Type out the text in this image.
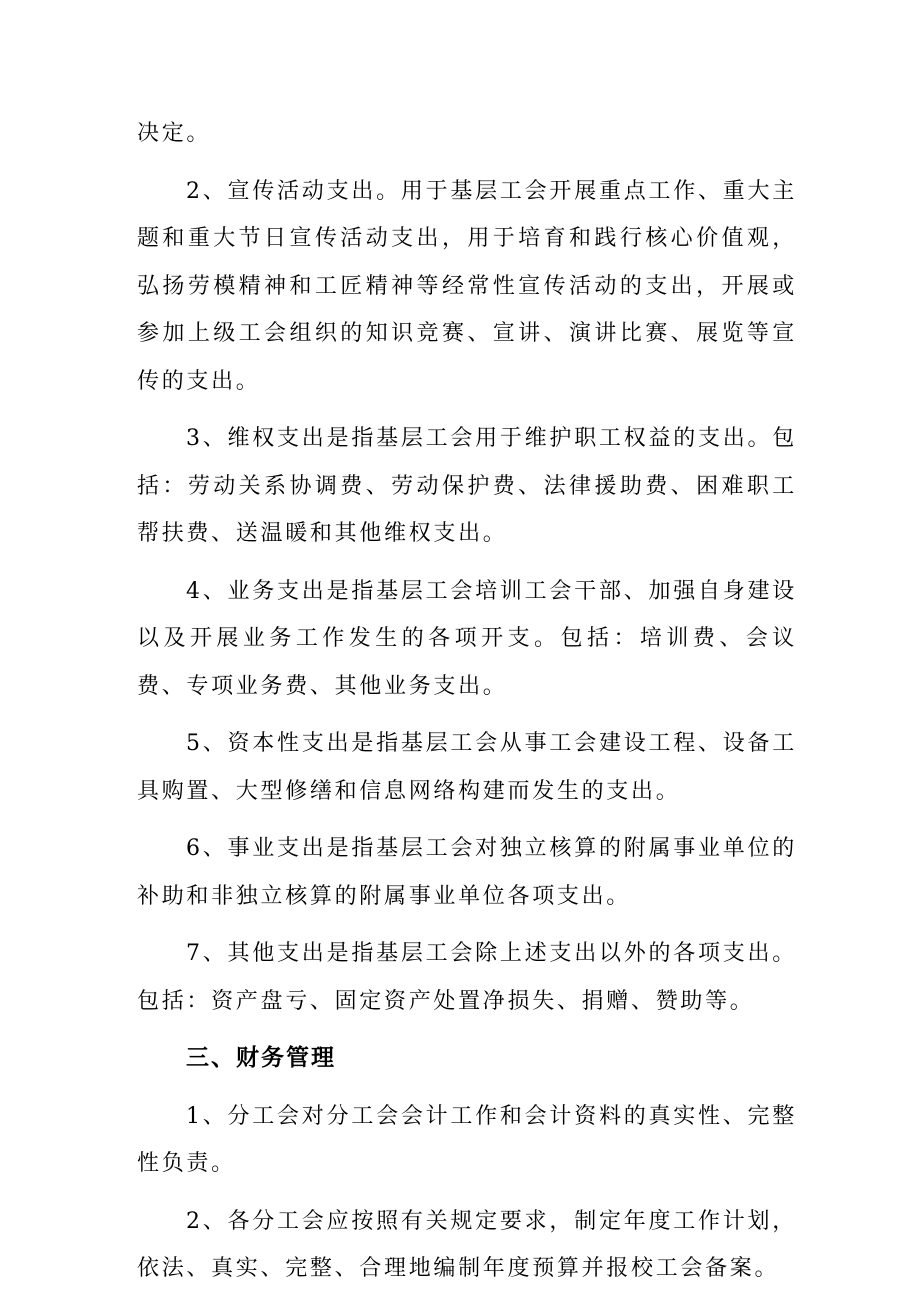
决定。

2、宣传活动支出。用于基层工会开展重点工作、重大主题和重大节日宣传活动支出，用于培育和践行核心价值观，弘扬劳模精神和工匠精神等经常性宣传活动的支出，开展或参加上级工会组织的知识竞赛、宣讲、演讲比赛、展览等宣传的支出。

3、维权支出是指基层工会用于维护职工权益的支出。包括：劳动关系协调费、劳动保护费、法律援助费、困难职工帮扶费、送温暖和其他维权支出。

4、业务支出是指基层工会培训工会干部、加强自身建设以及开展业务工作发生的各项开支。包括：培训费、会议费、专项业务费、其他业务支出。

5、资本性支出是指基层工会从事工会建设工程、设备工具购置、大型修缮和信息网络构建而发生的支出。

6、事业支出是指基层工会对独立核算的附属事业单位的补助和非独立核算的附属事业单位各项支出。

7、其他支出是指基层工会除上述支出以外的各项支出。包括：资产盘亏、固定资产处置净损失、捐赠、赞助等。

三、财务管理

1、分工会对分工会会计工作和会计资料的真实性、完整性负责。

2、各分工会应按照有关规定要求，制定年度工作计划，依法、真实、完整、合理地编制年度预算并报校工会备案。
